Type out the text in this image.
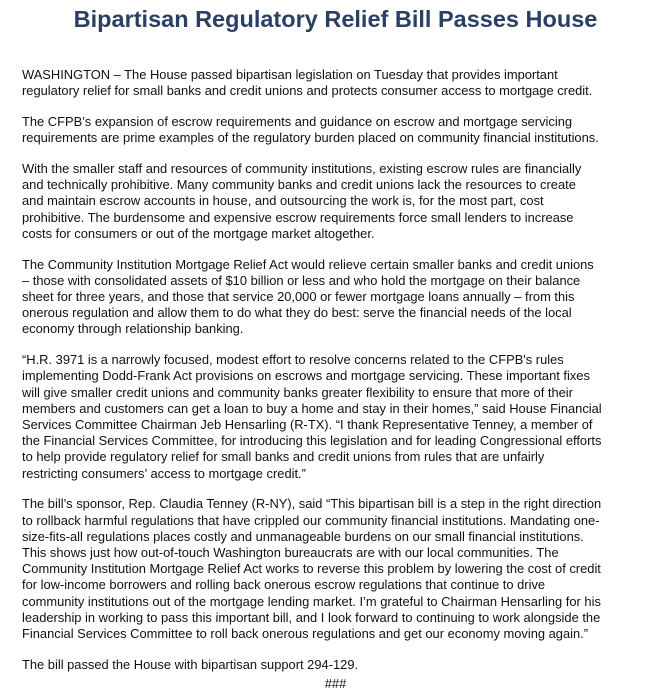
Bipartisan Regulatory Relief Bill Passes House

WASHINGTON – The House passed bipartisan legislation on Tuesday that provides important
regulatory relief for small banks and credit unions and protects consumer access to mortgage credit.

The CFPB’s expansion of escrow requirements and guidance on escrow and mortgage servicing
requirements are prime examples of the regulatory burden placed on community financial institutions.

With the smaller staff and resources of community institutions, existing escrow rules are financially
and technically prohibitive. Many community banks and credit unions lack the resources to create
and maintain escrow accounts in house, and outsourcing the work is, for the most part, cost
prohibitive. The burdensome and expensive escrow requirements force small lenders to increase
costs for consumers or out of the mortgage market altogether.

The Community Institution Mortgage Relief Act would relieve certain smaller banks and credit unions
– those with consolidated assets of $10 billion or less and who hold the mortgage on their balance
sheet for three years, and those that service 20,000 or fewer mortgage loans annually – from this
onerous regulation and allow them to do what they do best: serve the financial needs of the local
economy through relationship banking.

“H.R. 3971 is a narrowly focused, modest effort to resolve concerns related to the CFPB's rules
implementing Dodd-Frank Act provisions on escrows and mortgage servicing. These important fixes
will give smaller credit unions and community banks greater flexibility to ensure that more of their
members and customers can get a loan to buy a home and stay in their homes,” said House Financial
Services Committee Chairman Jeb Hensarling (R-TX). “I thank Representative Tenney, a member of
the Financial Services Committee, for introducing this legislation and for leading Congressional efforts
to help provide regulatory relief for small banks and credit unions from rules that are unfairly
restricting consumers’ access to mortgage credit.”

The bill’s sponsor, Rep. Claudia Tenney (R-NY), said “This bipartisan bill is a step in the right direction
to rollback harmful regulations that have crippled our community financial institutions. Mandating one-
size-fits-all regulations places costly and unmanageable burdens on our small financial institutions.
This shows just how out-of-touch Washington bureaucrats are with our local communities. The
Community Institution Mortgage Relief Act works to reverse this problem by lowering the cost of credit
for low-income borrowers and rolling back onerous escrow regulations that continue to drive
community institutions out of the mortgage lending market. I’m grateful to Chairman Hensarling for his
leadership in working to pass this important bill, and I look forward to continuing to work alongside the
Financial Services Committee to roll back onerous regulations and get our economy moving again.”

The bill passed the House with bipartisan support 294-129.

###
